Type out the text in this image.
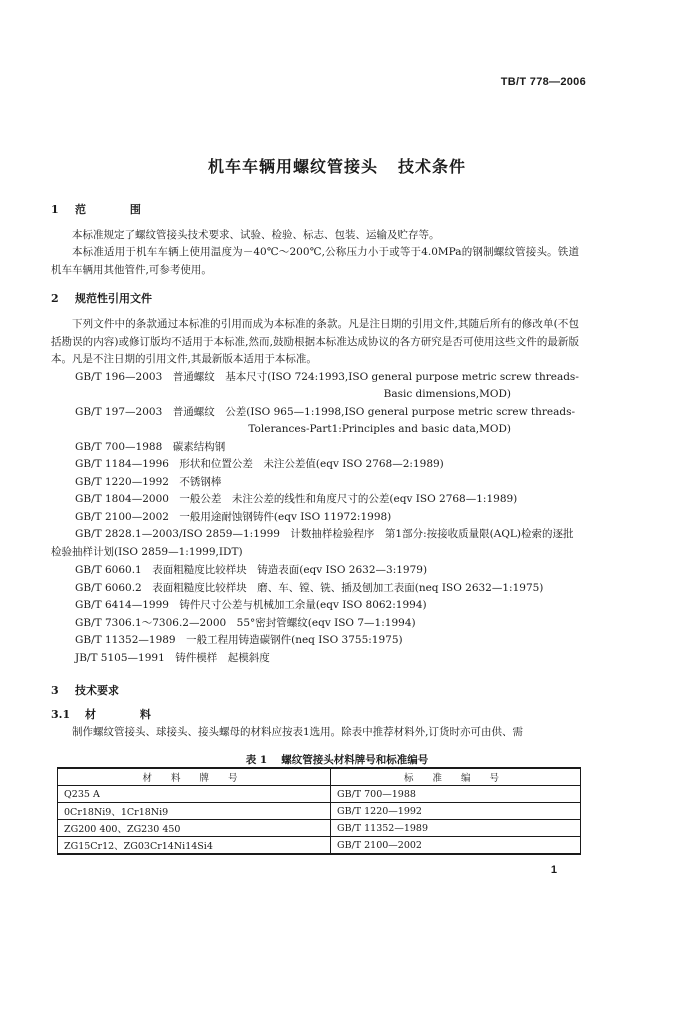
TB/T 778—2006
机车车辆用螺纹管接头 技术条件
1 范 围

本标准规定了螺纹管接头技术要求、试验、检验、标志、包装、运输及贮存等。

本标准适用于机车车辆上使用温度为－40℃～200℃,公称压力小于或等于4.0MPa的钢制螺纹管接头。铁道机车车辆用其他管件,可参考使用。

2 规范性引用文件

下列文件中的条款通过本标准的引用而成为本标准的条款。凡是注日期的引用文件,其随后所有的修改单(不包括勘误的内容)或修订版均不适用于本标准,然而,鼓励根据本标准达成协议的各方研究是否可使用这些文件的最新版本。凡是不注日期的引用文件,其最新版本适用于本标准。

GB/T 196—2003　普通螺纹　基本尺寸(ISO 724:1993,ISO general purpose metric screw threads-
Basic dimensions,MOD)
GB/T 197—2003　普通螺纹　公差(ISO 965—1:1998,ISO general purpose metric screw threads-
Tolerances-Part1:Principles and basic data,MOD)
GB/T 700—1988　碳素结构钢
GB/T 1184—1996　形状和位置公差　未注公差值(eqv ISO 2768—2:1989)
GB/T 1220—1992　不锈钢棒
GB/T 1804—2000　一般公差　未注公差的线性和角度尺寸的公差(eqv ISO 2768—1:1989)
GB/T 2100—2002　一般用途耐蚀钢铸件(eqv ISO 11972:1998)
GB/T 2828.1—2003/ISO 2859—1:1999　计数抽样检验程序　第1部分:按接收质量限(AQL)检索的逐批检验抽样计划(ISO 2859—1:1999,IDT)
GB/T 6060.1　表面粗糙度比较样块　铸造表面(eqv ISO 2632—3:1979)
GB/T 6060.2　表面粗糙度比较样块　磨、车、镗、铣、插及刨加工表面(neq ISO 2632—1:1975)
GB/T 6414—1999　铸件尺寸公差与机械加工余量(eqv ISO 8062:1994)
GB/T 7306.1～7306.2—2000　55°密封管螺纹(eqv ISO 7—1:1994)
GB/T 11352—1989　一般工程用铸造碳钢件(neq ISO 3755:1975)
JB/T 5105—1991　铸件模样　起模斜度
3 技术要求
3.1 材 料

制作螺纹管接头、球接头、接头螺母的材料应按表1选用。除表中推荐材料外,订货时亦可由供、需

表 1 螺纹管接头材料牌号和标准编号
材 料 牌 号	标 准 编 号
Q235 A	GB/T 700—1988
0Cr18Ni9、1Cr18Ni9	GB/T 1220—1992
ZG200 400、ZG230 450	GB/T 11352—1989
ZG15Cr12、ZG03Cr14Ni14Si4	GB/T 2100—2002
1
